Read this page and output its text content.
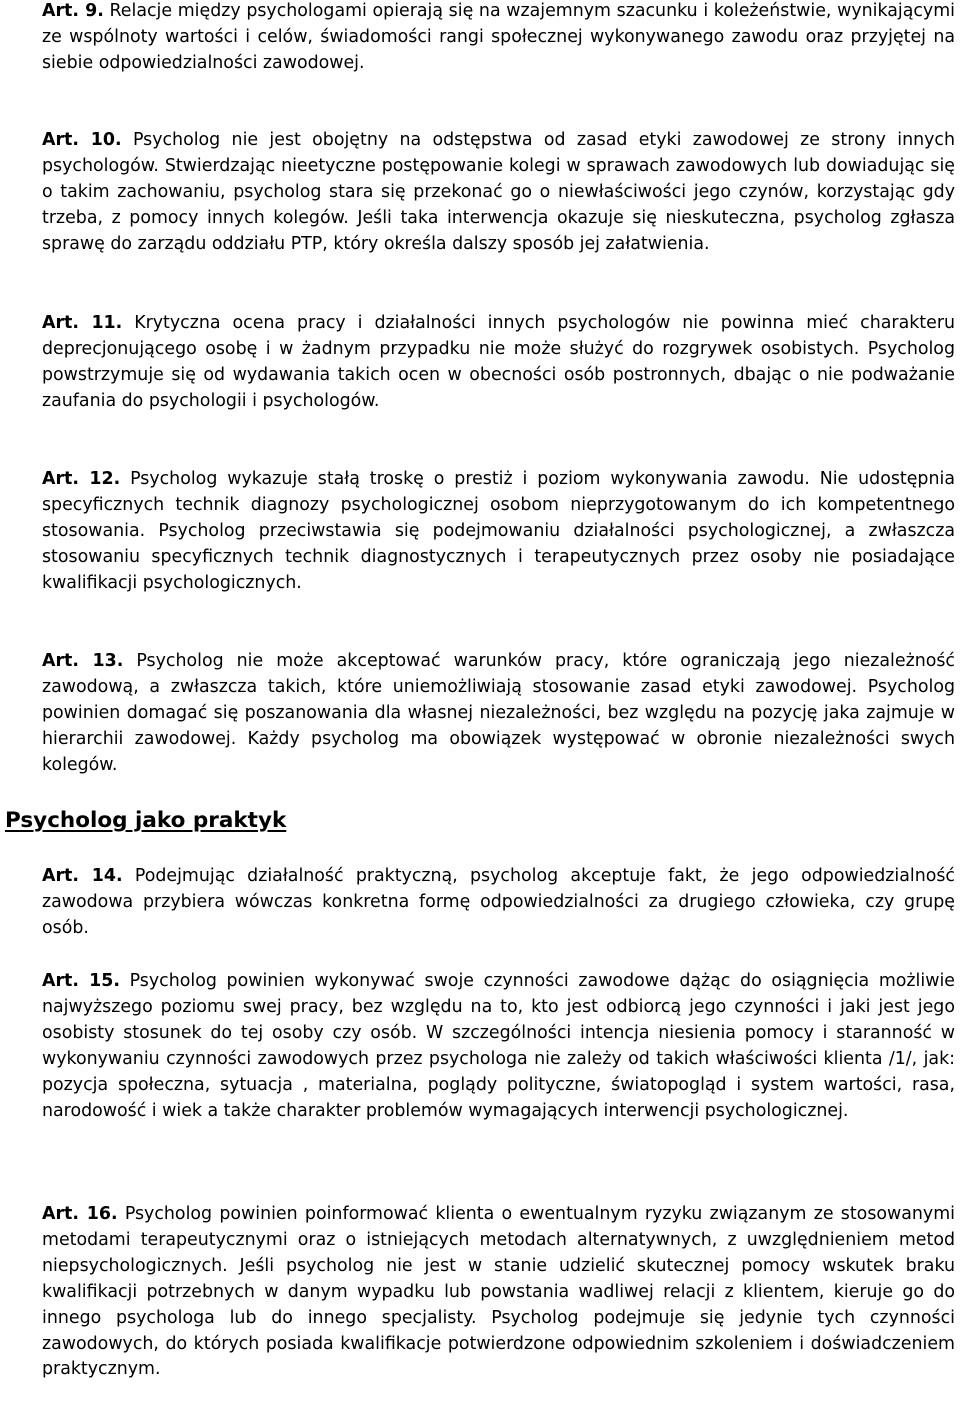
Art. 9. Relacje między psychologami opierają się na wzajemnym szacunku i koleżeństwie, wynikającymi ze wspólnoty wartości i celów, świadomości rangi społecznej wykonywanego zawodu oraz przyjętej na siebie odpowiedzialności zawodowej.

Art. 10. Psycholog nie jest obojętny na odstępstwa od zasad etyki zawodowej ze strony innych psychologów. Stwierdzając nieetyczne postępowanie kolegi w sprawach zawodowych lub dowiadując się o takim zachowaniu, psycholog stara się przekonać go o niewłaściwości jego czynów, korzystając gdy trzeba, z pomocy innych kolegów. Jeśli taka interwencja okazuje się nieskuteczna, psycholog zgłasza sprawę do zarządu oddziału PTP, który określa dalszy sposób jej załatwienia.

Art. 11. Krytyczna ocena pracy i działalności innych psychologów nie powinna mieć charakteru deprecjonującego osobę i w żadnym przypadku nie może służyć do rozgrywek osobistych. Psycholog powstrzymuje się od wydawania takich ocen w obecności osób postronnych, dbając o nie podważanie zaufania do psychologii i psychologów.

Art. 12. Psycholog wykazuje stałą troskę o prestiż i poziom wykonywania zawodu. Nie udostępnia specyficznych technik diagnozy psychologicznej osobom nieprzygotowanym do ich kompetentnego stosowania. Psycholog przeciwstawia się podejmowaniu działalności psychologicznej, a zwłaszcza stosowaniu specyficznych technik diagnostycznych i terapeutycznych przez osoby nie posiadające kwalifikacji psychologicznych.

Art. 13. Psycholog nie może akceptować warunków pracy, które ograniczają jego niezależność zawodową, a zwłaszcza takich, które uniemożliwiają stosowanie zasad etyki zawodowej. Psycholog powinien domagać się poszanowania dla własnej niezależności, bez względu na pozycję jaka zajmuje w hierarchii zawodowej. Każdy psycholog ma obowiązek występować w obronie niezależności swych kolegów.

Psycholog jako praktyk

Art. 14. Podejmując działalność praktyczną, psycholog akceptuje fakt, że jego odpowiedzialność zawodowa przybiera wówczas konkretna formę odpowiedzialności za drugiego człowieka, czy grupę osób.

Art. 15. Psycholog powinien wykonywać swoje czynności zawodowe dążąc do osiągnięcia możliwie najwyższego poziomu swej pracy, bez względu na to, kto jest odbiorcą jego czynności i jaki jest jego osobisty stosunek do tej osoby czy osób. W szczególności intencja niesienia pomocy i staranność w wykonywaniu czynności zawodowych przez psychologa nie zależy od takich właściwości klienta /1/, jak: pozycja społeczna, sytuacja , materialna, poglądy polityczne, światopogląd i system wartości, rasa, narodowość i wiek a także charakter problemów wymagających interwencji psychologicznej.

Art. 16. Psycholog powinien poinformować klienta o ewentualnym ryzyku związanym ze stosowanymi metodami terapeutycznymi oraz o istniejących metodach alternatywnych, z uwzględnieniem metod niepsychologicznych. Jeśli psycholog nie jest w stanie udzielić skutecznej pomocy wskutek braku kwalifikacji potrzebnych w danym wypadku lub powstania wadliwej relacji z klientem, kieruje go do innego psychologa lub do innego specjalisty. Psycholog podejmuje się jedynie tych czynności zawodowych, do których posiada kwalifikacje potwierdzone odpowiednim szkoleniem i doświadczeniem praktycznym.
